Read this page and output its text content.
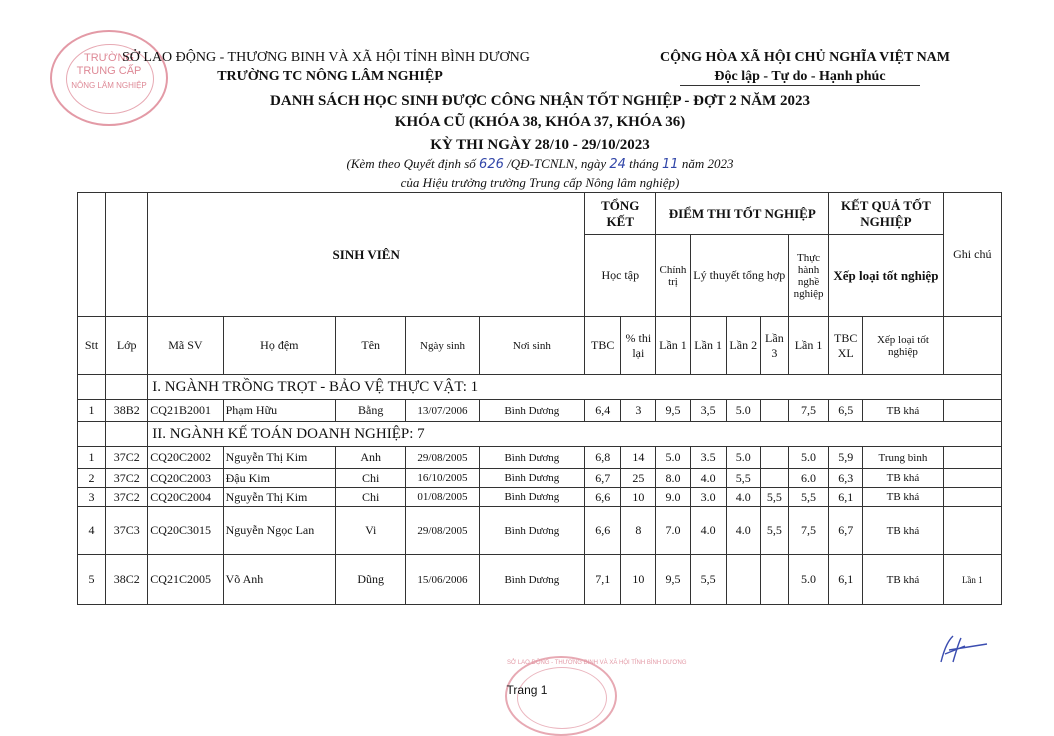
TRƯỜNG
TRUNG CẤP
NÔNG LÂM NGHIỆP
SỞ LAO ĐỘNG - THƯƠNG BINH VÀ XÃ HỘI TỈNH BÌNH DƯƠNG
TRƯỜNG TC NÔNG LÂM NGHIỆP
CỘNG HÒA XÃ HỘI CHỦ NGHĨA VIỆT NAM
Độc lập - Tự do - Hạnh phúc
DANH SÁCH HỌC SINH ĐƯỢC CÔNG NHẬN TỐT NGHIỆP - ĐỢT 2 NĂM 2023
KHÓA CŨ (KHÓA 38, KHÓA 37, KHÓA 36)
KỲ THI NGÀY 28/10 - 29/10/2023
(Kèm theo Quyết định số 626 /QĐ-TCNLN, ngày 24 tháng 11 năm 2023
của Hiệu trưởng trường Trung cấp Nông lâm nghiệp)
		SINH VIÊN					TỔNG KẾT		ĐIỂM THI TỐT NGHIỆP					KẾT QUẢ TỐT NGHIỆP		Ghi chú
							Học tập		Chính trị	Lý thuyết tổng hợp			Thực hành nghề nghiệp	Xếp loại tốt nghiệp		
Stt	Lớp	Mã SV	Họ đệm	Tên	Ngày sinh	Nơi sinh	TBC	% thi lại	Lần 1	Lần 1	Lần 2	Lần 3	Lần 1	TBC XL	Xếp loại tốt nghiệp	
		I. NGÀNH TRỒNG TRỌT - BẢO VỆ THỰC VẬT: 1														
1	38B2	CQ21B2001	Phạm Hữu	Bằng	13/07/2006	Bình Dương	6,4	3	9,5	3,5	5.0		7,5	6,5	TB khá	
		II. NGÀNH KẾ TOÁN DOANH NGHIỆP: 7														
1	37C2	CQ20C2002	Nguyễn Thị Kim	Anh	29/08/2005	Bình Dương	6,8	14	5.0	3.5	5.0		5.0	5,9	Trung bình	
2	37C2	CQ20C2003	Đậu Kim	Chi	16/10/2005	Bình Dương	6,7	25	8.0	4.0	5,5		6.0	6,3	TB khá	
3	37C2	CQ20C2004	Nguyễn Thị Kim	Chi	01/08/2005	Bình Dương	6,6	10	9.0	3.0	4.0	5,5	5,5	6,1	TB khá	
4	37C3	CQ20C3015	Nguyễn Ngọc Lan	Vi	29/08/2005	Bình Dương	6,6	8	7.0	4.0	4.0	5,5	7,5	6,7	TB khá	
5	38C2	CQ21C2005	Võ Anh	Dũng	15/06/2006	Bình Dương	7,1	10	9,5	5,5			5.0	6,1	TB khá	Lần 1
SỞ LAO ĐỘNG - THƯƠNG BINH VÀ XÃ HỘI TỈNH BÌNH DƯƠNG
Trang 1
